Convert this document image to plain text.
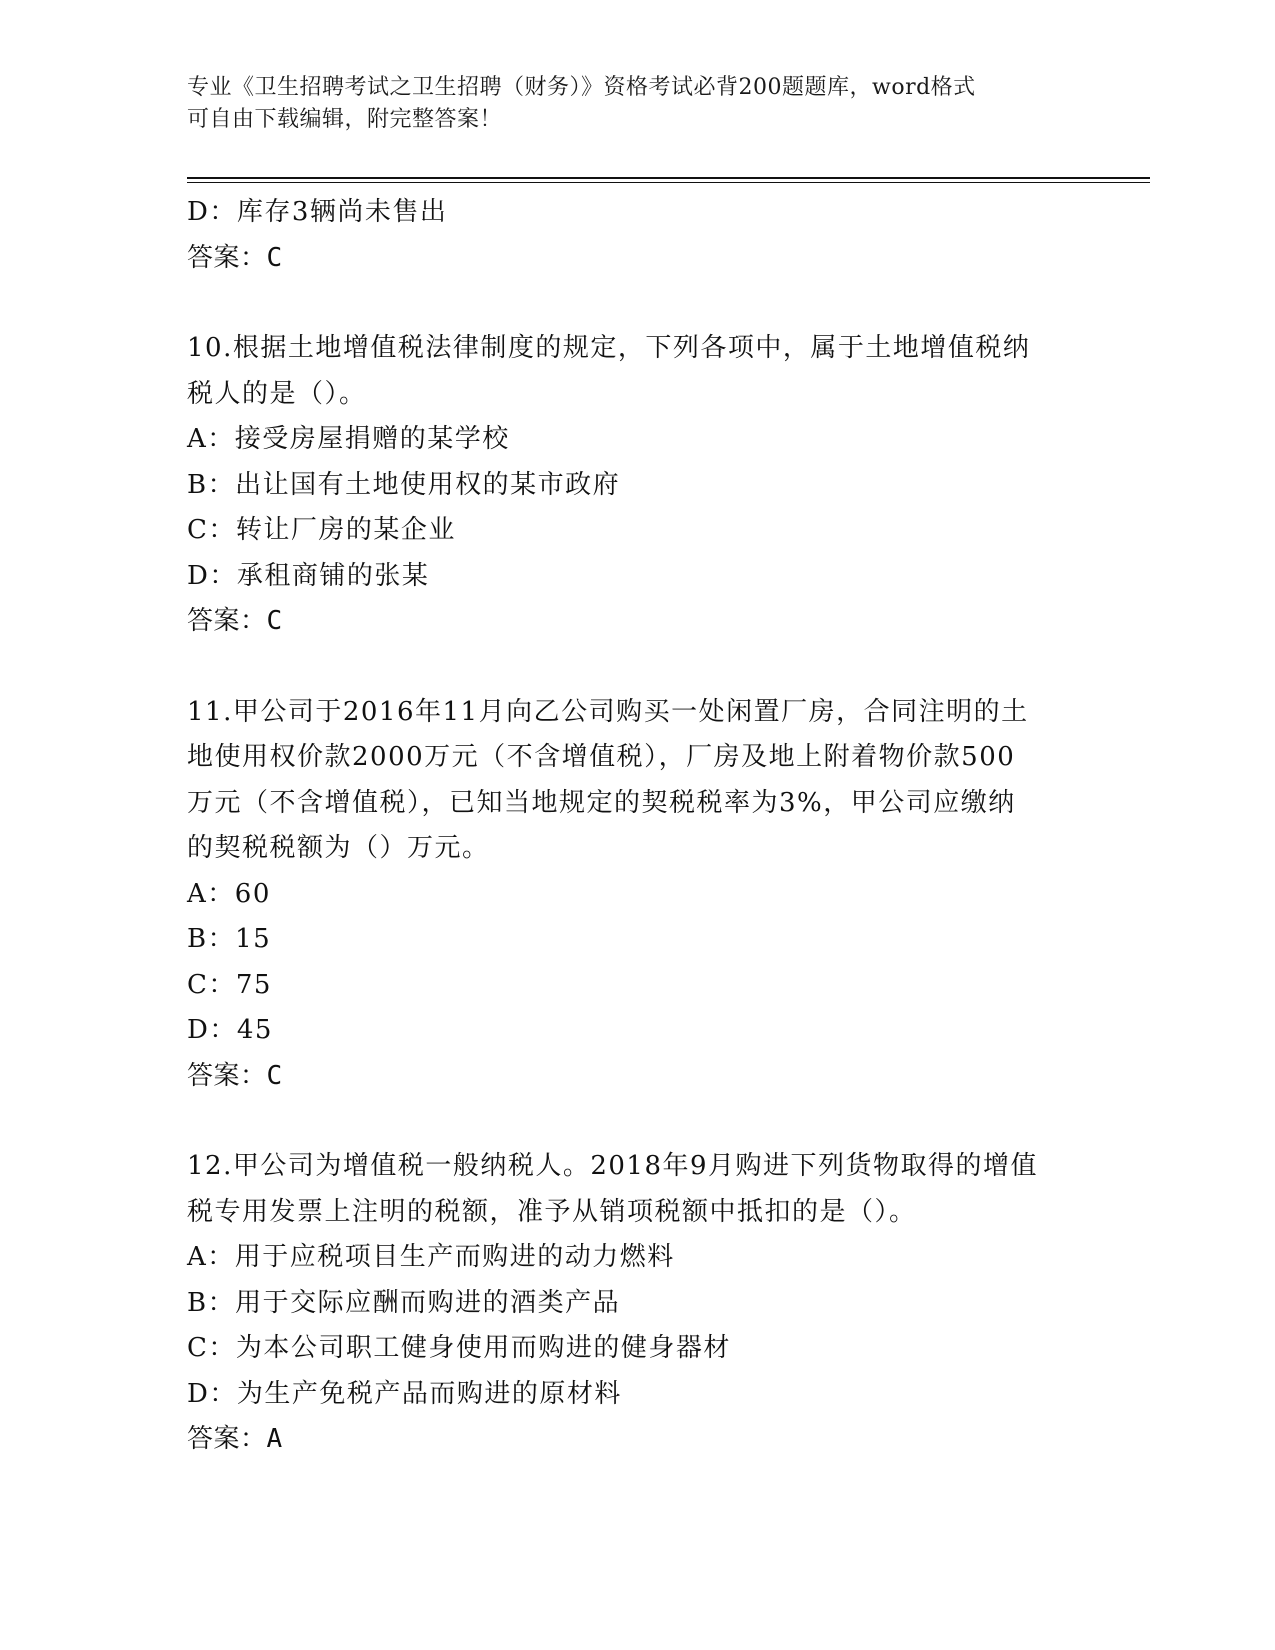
专业《卫生招聘考试之卫生招聘（财务）》资格考试必背200题题库，word格式
可自由下载编辑，附完整答案！

D：库存3辆尚未售出

答案：C

10.根据土地增值税法律制度的规定，下列各项中，属于土地增值税纳

税人的是（）。

A：接受房屋捐赠的某学校

B：出让国有土地使用权的某市政府

C：转让厂房的某企业

D：承租商铺的张某

答案：C

11.甲公司于2016年11月向乙公司购买一处闲置厂房，合同注明的土

地使用权价款2000万元（不含增值税），厂房及地上附着物价款500

万元（不含增值税），已知当地规定的契税税率为3%，甲公司应缴纳

的契税税额为（）万元。

A：60

B：15

C：75

D：45

答案：C

12.甲公司为增值税一般纳税人。2018年9月购进下列货物取得的增值

税专用发票上注明的税额，准予从销项税额中抵扣的是（）。

A：用于应税项目生产而购进的动力燃料

B：用于交际应酬而购进的酒类产品

C：为本公司职工健身使用而购进的健身器材

D：为生产免税产品而购进的原材料

答案：A
